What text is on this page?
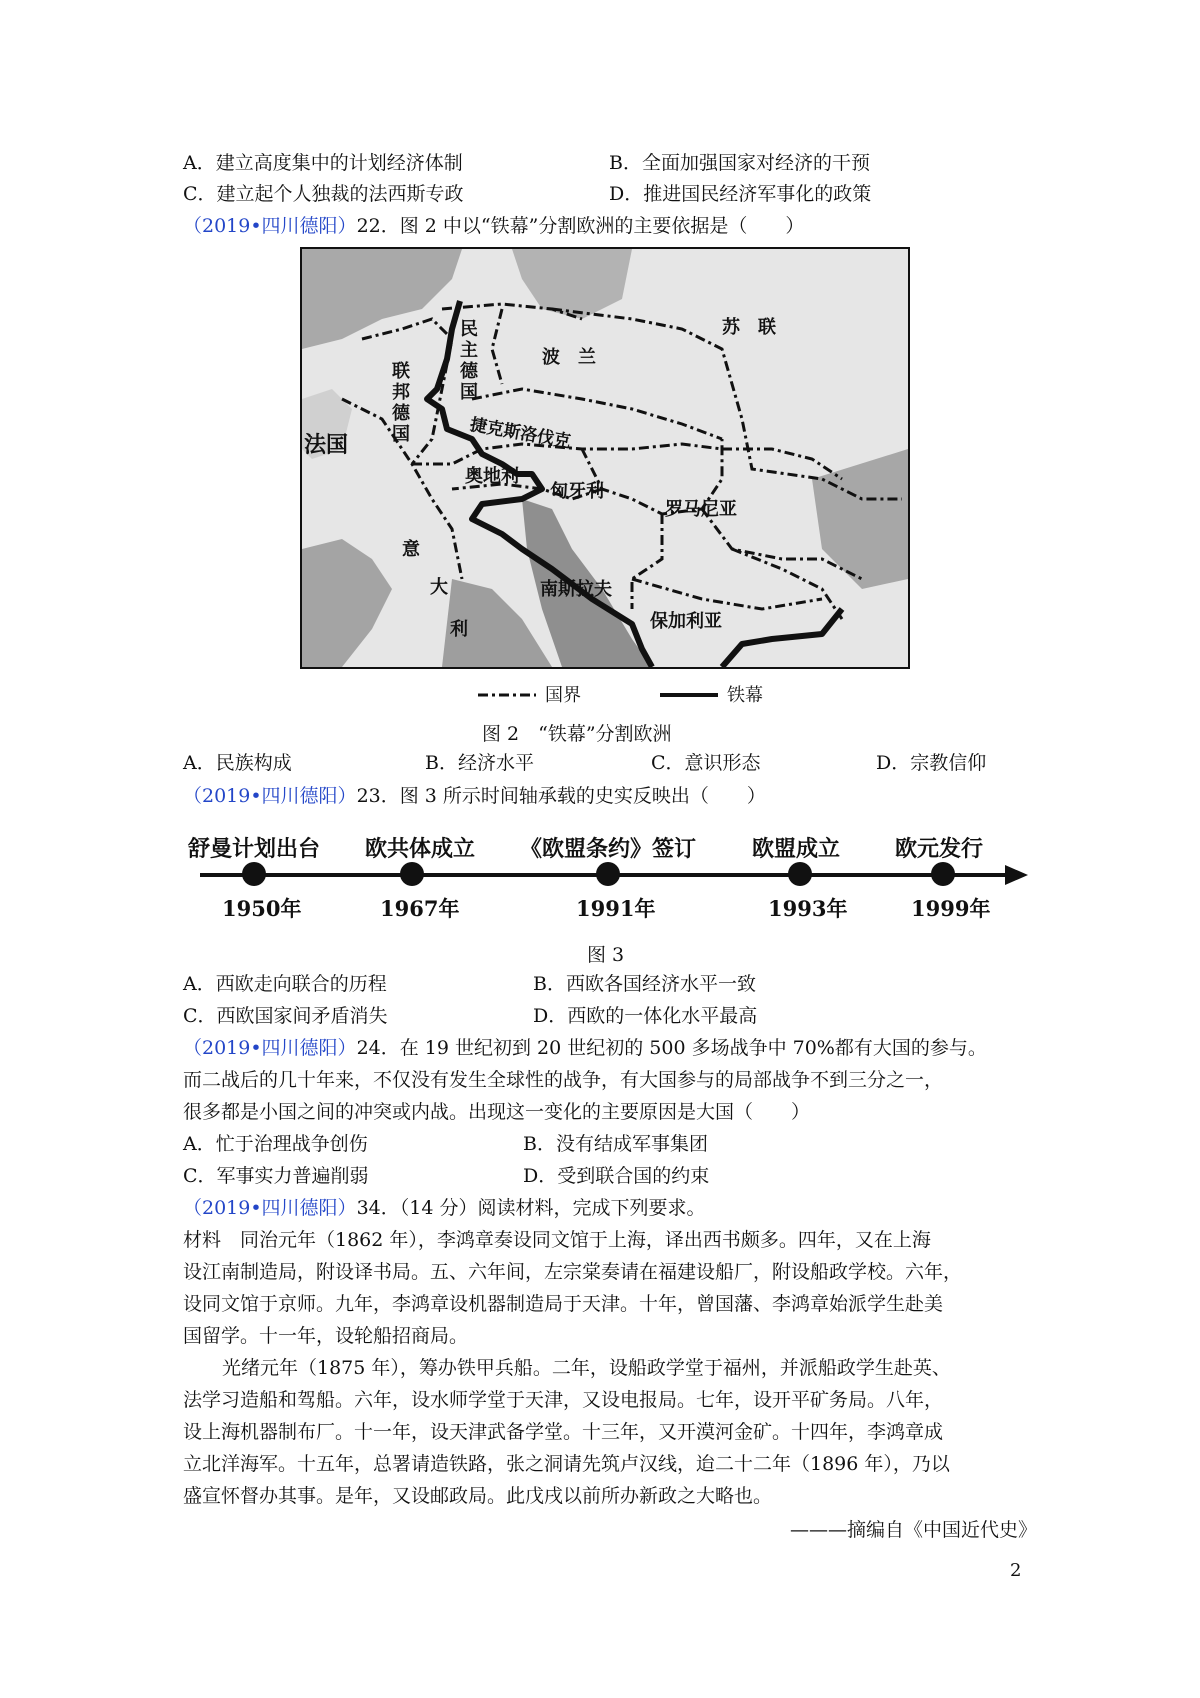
A．建立高度集中的计划经济体制	B．全面加强国家对经济的干预
C．建立起个人独裁的法西斯专政	D．推进国民经济军事化的政策
（2019•四川德阳）22．图 2 中以“铁幕”分割欧洲的主要依据是（　　）
苏　联
波　兰
民主德国
联邦德国
法国	捷克斯洛伐克
奥地利
匈牙利
罗马尼亚
意
大
利
南斯拉夫
保加利亚
国界	铁幕
图 2　“铁幕”分割欧洲
A．民族构成	B．经济水平	C．意识形态	D．宗教信仰
（2019•四川德阳）23．图 3 所示时间轴承载的史实反映出（　　）
舒曼计划出台 欧共体成立 《欧盟条约》签订	欧盟成立 欧元发行
1950年	1967年	1991年	1993年	1999年
图 3
A．西欧走向联合的历程	B．西欧各国经济水平一致
C．西欧国家间矛盾消失	D．西欧的一体化水平最高
（2019•四川德阳）24．在 19 世纪初到 20 世纪初的 500 多场战争中 70%都有大国的参与。
而二战后的几十年来，不仅没有发生全球性的战争，有大国参与的局部战争不到三分之一，
很多都是小国之间的冲突或内战。出现这一变化的主要原因是大国（　　）
A．忙于治理战争创伤	B．没有结成军事集团
C．军事实力普遍削弱	D．受到联合国的约束
（2019•四川德阳）34．（14 分）阅读材料，完成下列要求。
材料　同治元年（1862 年），李鸿章奏设同文馆于上海，译出西书颇多。四年，又在上海
设江南制造局，附设译书局。五、六年间，左宗棠奏请在福建设船厂，附设船政学校。六年，
设同文馆于京师。九年，李鸿章设机器制造局于天津。十年，曾国藩、李鸿章始派学生赴美
国留学。十一年，设轮船招商局。
光绪元年（1875 年），筹办铁甲兵船。二年，设船政学堂于福州，并派船政学生赴英、
法学习造船和驾船。六年，设水师学堂于天津，又设电报局。七年，设开平矿务局。八年，
设上海机器制布厂。十一年，设天津武备学堂。十三年，又开漠河金矿。十四年，李鸿章成
立北洋海军。十五年，总署请造铁路，张之洞请先筑卢汉线，迨二十二年（1896 年），乃以
盛宣怀督办其事。是年，又设邮政局。此戊戌以前所办新政之大略也。
———摘编自《中国近代史》
2
